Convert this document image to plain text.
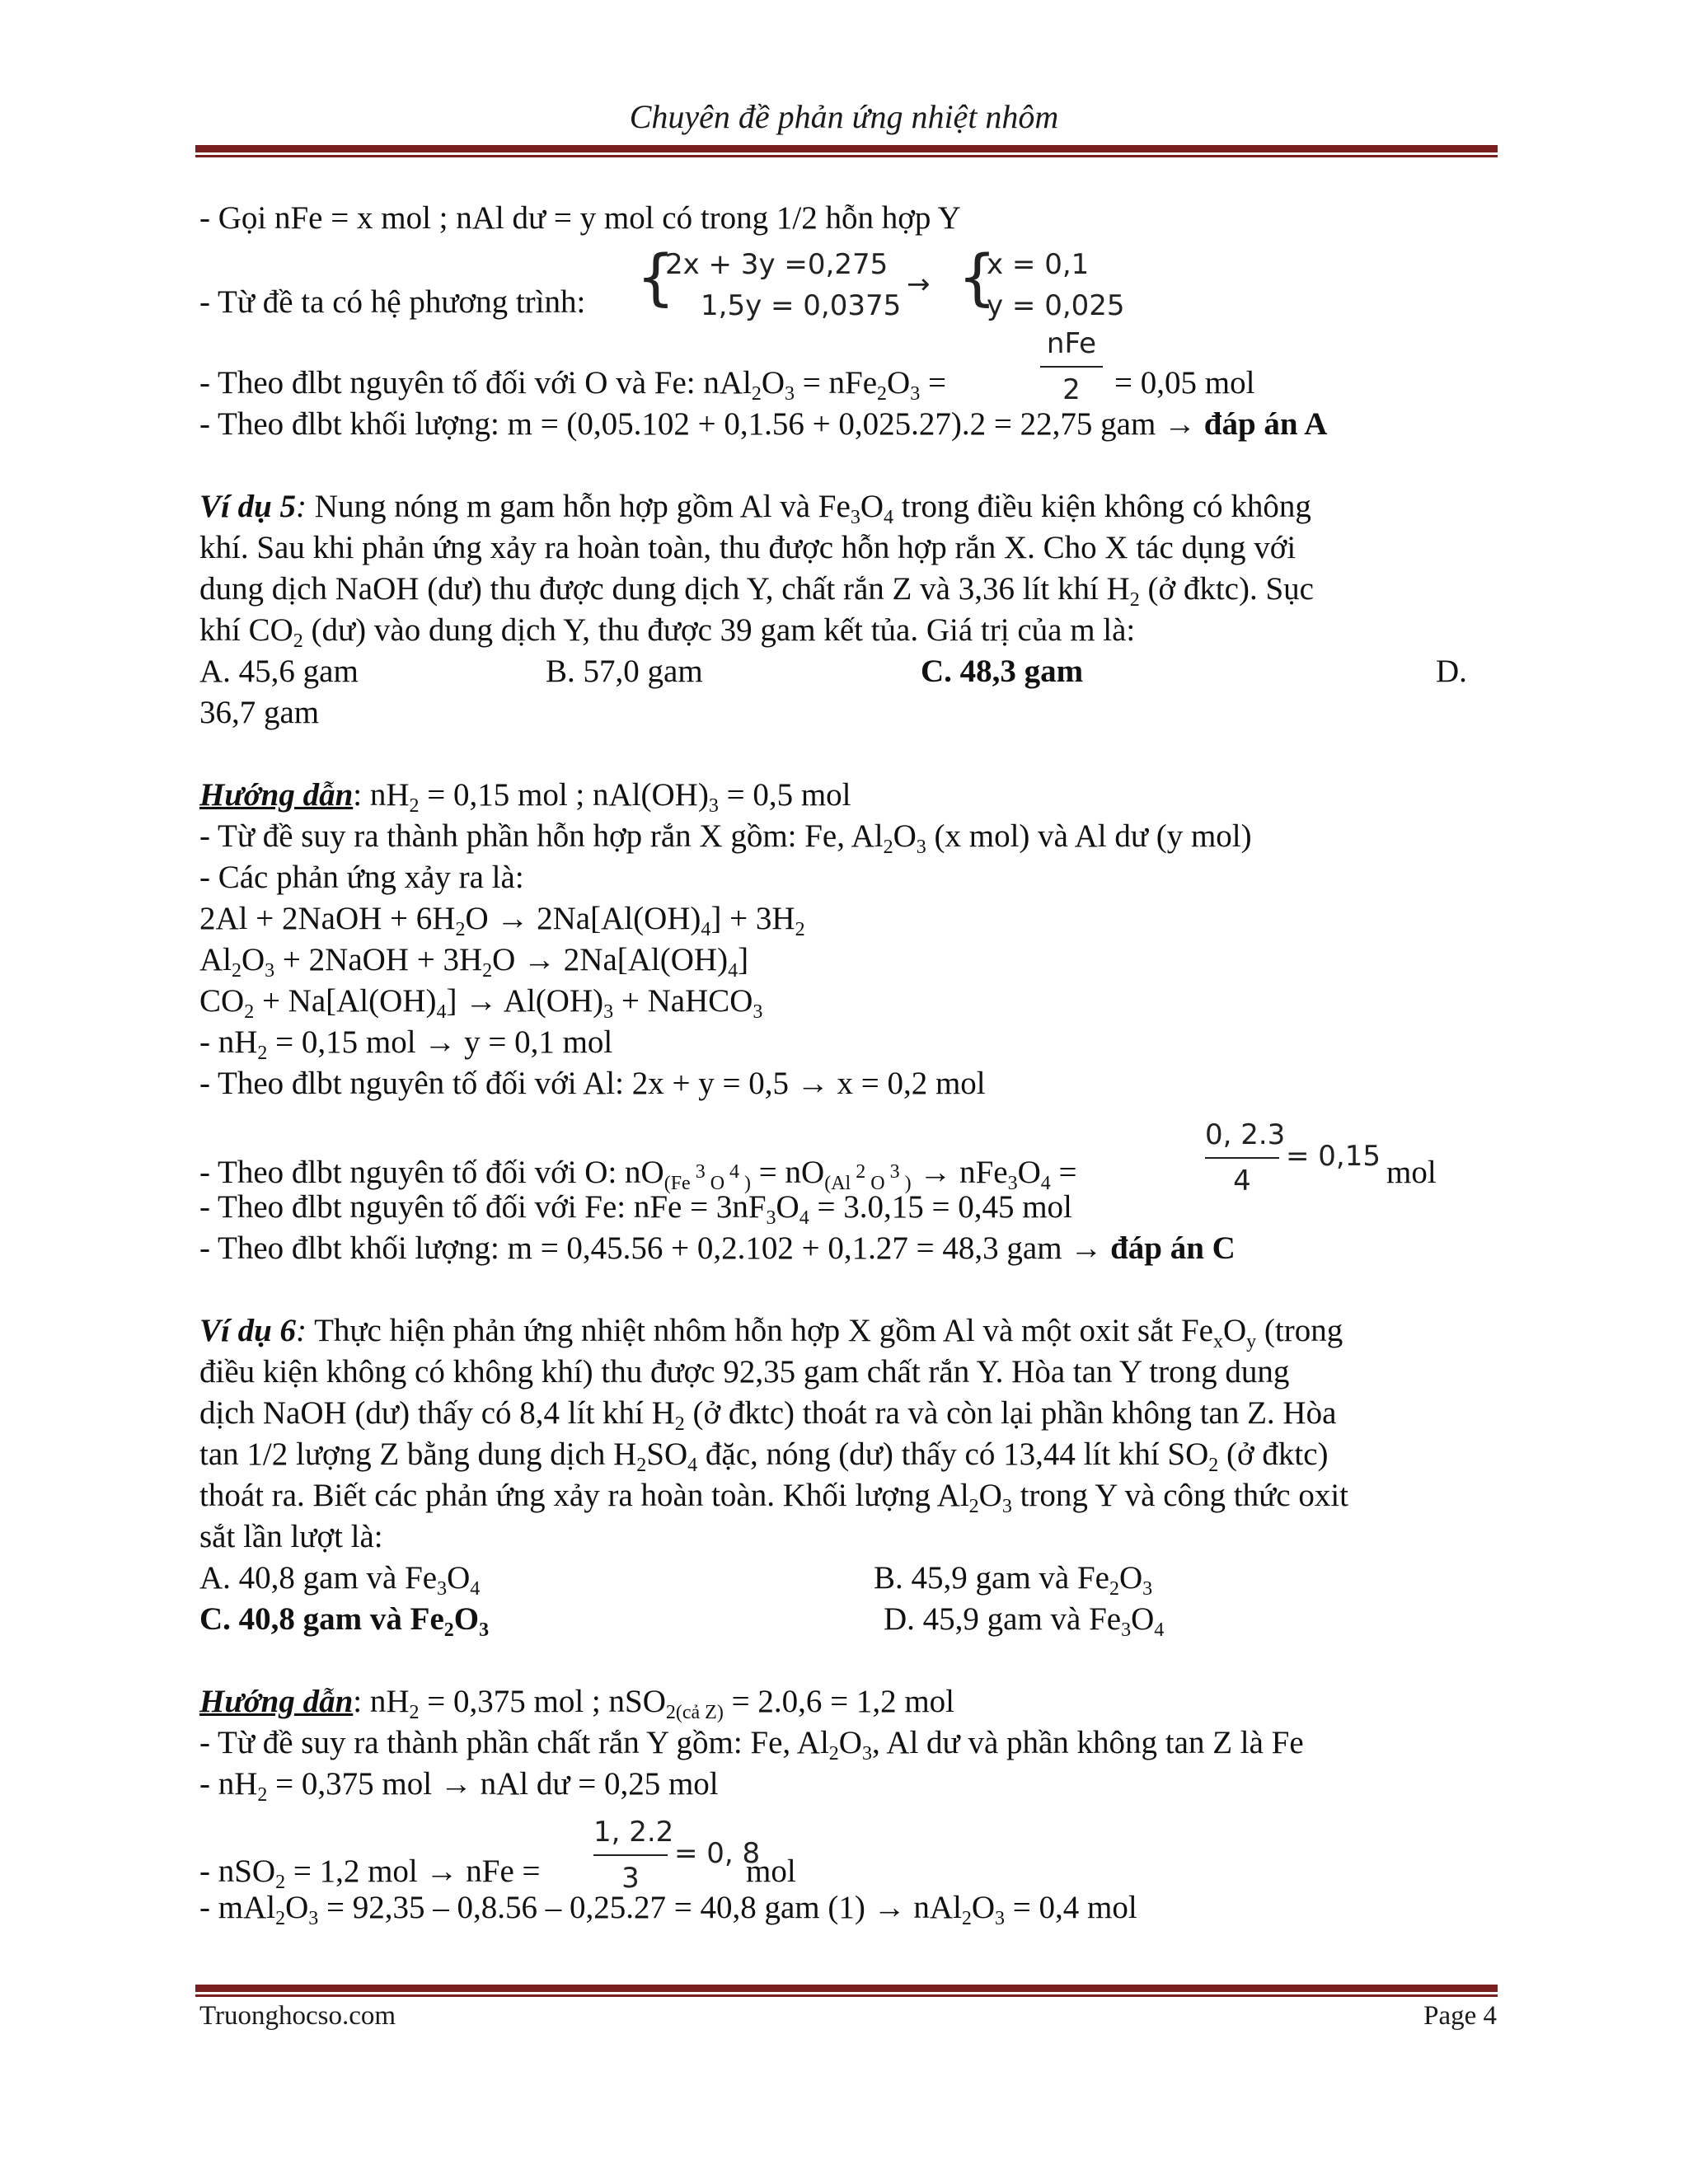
Chuyên đề phản ứng nhiệt nhôm
- Gọi nFe = x mol ; nAl dư = y mol có trong 1/2 hỗn hợp Y
- Từ đề ta có hệ phương trình: {
2x + 3y =0,275
1,5y = 0,0375
→ {
x = 0,1
y = 0,025
nFe
2
- Theo đlbt nguyên tố đối với O và Fe: $nAl_2O_3 = nFe_2O_3$ =	= 0,05 mol
- Theo đlbt khối lượng: m = (0,05.102 + 0,1.56 + 0,025.27).2 = 22,75 gam → đáp án A
Ví dụ 5: Nung nóng m gam hỗn hợp gồm Al và $Fe_3O_4$ trong điều kiện không có không
khí. Sau khi phản ứng xảy ra hoàn toàn, thu được hỗn hợp rắn X. Cho X tác dụng với
dung dịch NaOH (dư) thu được dung dịch Y, chất rắn Z và 3,36 lít khí $H_2$ (ở đktc). Sục
khí $CO_2$ (dư) vào dung dịch Y, thu được 39 gam kết tủa. Giá trị của m là:
A. 45,6 gam	B. 57,0 gam	C. 48,3 gam	D.
36,7 gam
Hướng dẫn: $nH_2 = 0,15$ mol ; $nAl(OH)_3 = 0,5$ mol
- Từ đề suy ra thành phần hỗn hợp rắn X gồm: Fe, $Al_2O_3$ (x mol) và Al dư (y mol)
- Các phản ứng xảy ra là:
2Al + 2NaOH + $6H_2O \to 2Na[Al(OH)_4] + 3H_2$
$Al_2O_3$ + 2NaOH + $3H_2O \to 2Na[Al(OH)_4]$
$CO_2 + Na[Al(OH)_4] \to Al(OH)_3$ + NaHCO$_3$
- $nH_2 = 0,15$ mol → y = 0,1 mol
- Theo đlbt nguyên tố đối với Al: 2x + y = 0,5 → x = 0,2 mol
0, 2.3
4
= 0,15
- Theo đlbt nguyên tố đối với O: $nO_{(Fe ^3 O ^4 )} = nO_{(Al ^2 O ^3 )} \to nFe_3O_4$ =	mol
- Theo đlbt nguyên tố đối với Fe: nFe = $3nF_3O_4 = 3.0,15 = 0,45$ mol
- Theo đlbt khối lượng: m = 0,45.56 + 0,2.102 + 0,1.27 = 48,3 gam → đáp án C
Ví dụ 6: Thực hiện phản ứng nhiệt nhôm hỗn hợp X gồm Al và một oxit sắt $Fe_xO_y$ (trong
điều kiện không có không khí) thu được 92,35 gam chất rắn Y. Hòa tan Y trong dung
dịch NaOH (dư) thấy có 8,4 lít khí $H_2$ (ở đktc) thoát ra và còn lại phần không tan Z. Hòa
tan 1/2 lượng Z bằng dung dịch $H_2SO_4$ đặc, nóng (dư) thấy có 13,44 lít khí $SO_2$ (ở đktc)
thoát ra. Biết các phản ứng xảy ra hoàn toàn. Khối lượng $Al_2O_3$ trong Y và công thức oxit
sắt lần lượt là:
A. 40,8 gam và $Fe_3O_4$	B. 45,9 gam và $Fe_2O_3$
C. 40,8 gam và $Fe_2O_3$	D. 45,9 gam và $Fe_3O_4$
Hướng dẫn: $nH_2 = 0,375$ mol ; nSO$_{2(cả Z)}$ = 2.0,6 = 1,2 mol
- Từ đề suy ra thành phần chất rắn Y gồm: Fe, $Al_2O_3$, Al dư và phần không tan Z là Fe
- $nH_2 = 0,375$ mol → nAl dư = 0,25 mol
1, 2.2
3
= 0, 8
- nSO$_2$ = 1,2 mol → nFe =	mol
- $mAl_2O_3 = 92,35 - 0,8.56 - 0,25.27 = 40,8$ gam $(1) \to nAl_2O_3 = 0,4$ mol
Truonghocso.com	Page 4
